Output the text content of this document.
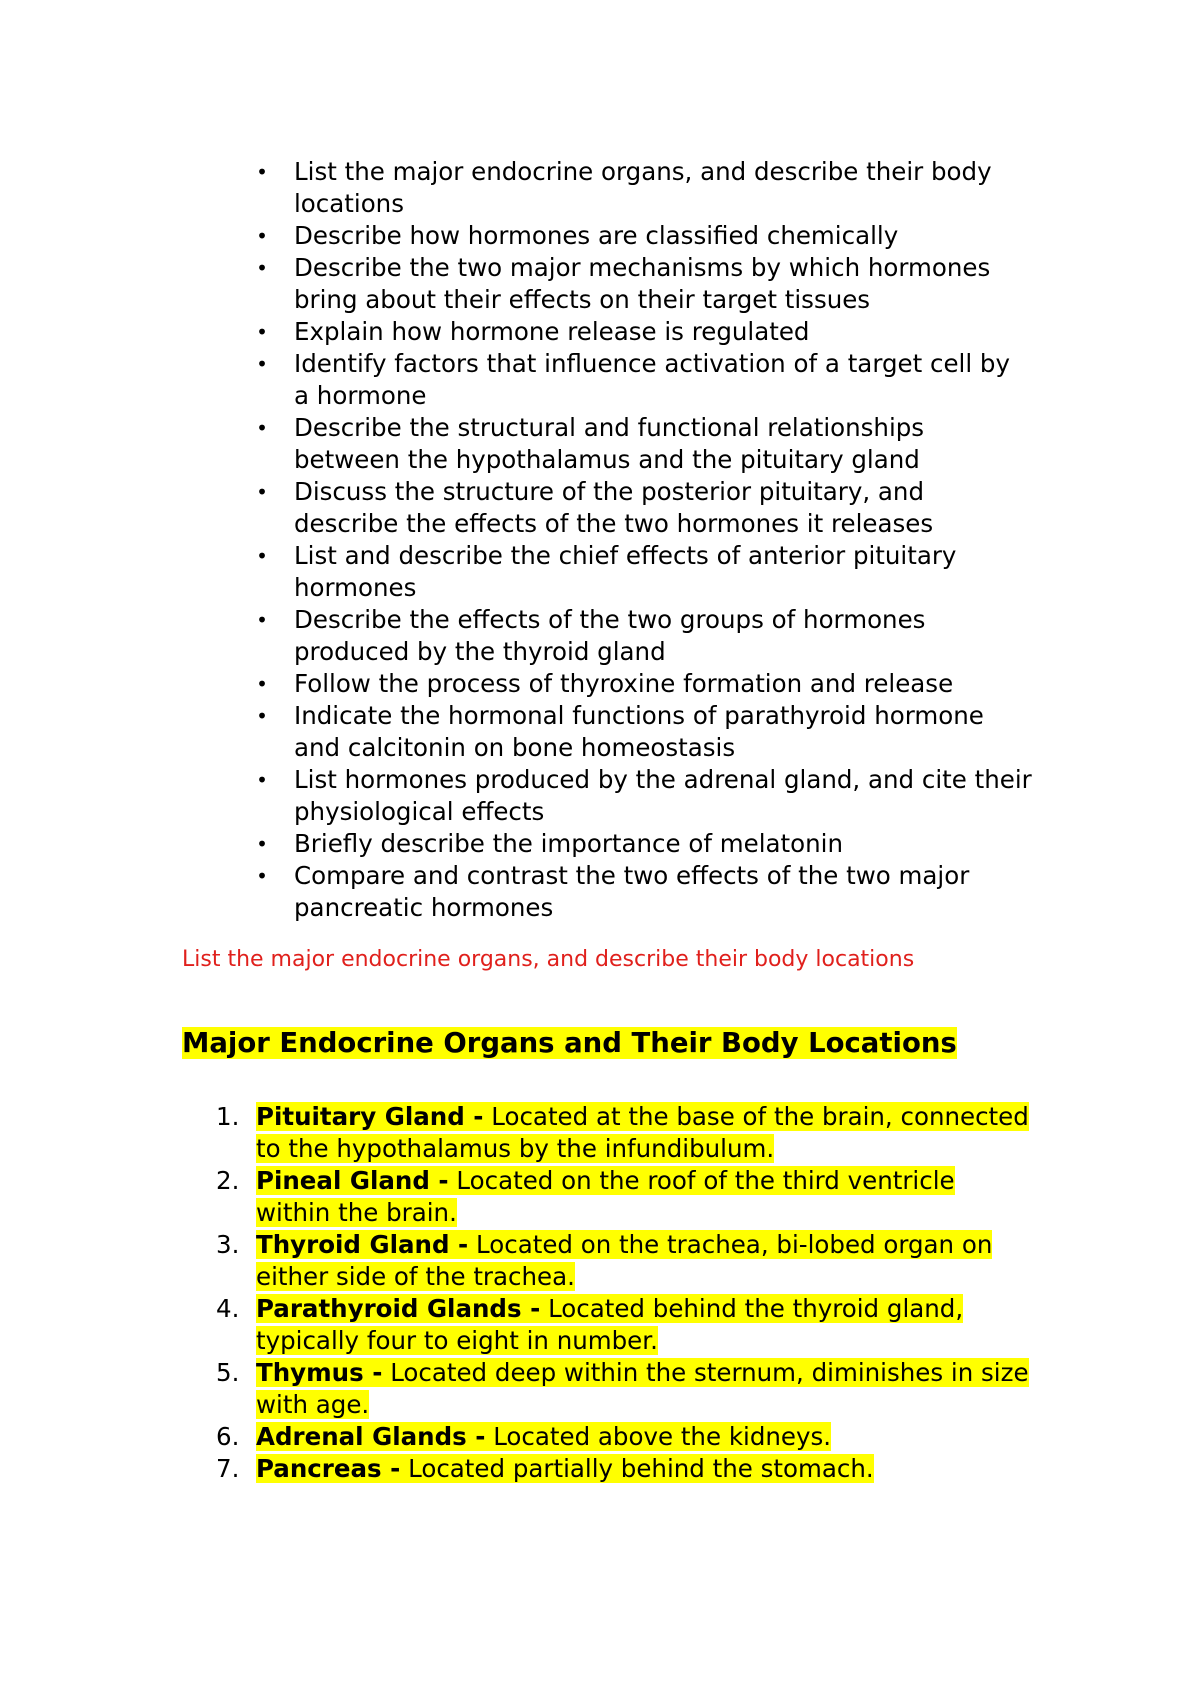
• List the major endocrine organs, and describe their body locations
• Describe how hormones are classified chemically
• Describe the two major mechanisms by which hormones bring about their effects on their target tissues
• Explain how hormone release is regulated
• Identify factors that influence activation of a target cell by a hormone
• Describe the structural and functional relationships between the hypothalamus and the pituitary gland
• Discuss the structure of the posterior pituitary, and describe the effects of the two hormones it releases
• List and describe the chief effects of anterior pituitary hormones
• Describe the effects of the two groups of hormones produced by the thyroid gland
• Follow the process of thyroxine formation and release
• Indicate the hormonal functions of parathyroid hormone and calcitonin on bone homeostasis
• List hormones produced by the adrenal gland, and cite their physiological effects
• Briefly describe the importance of melatonin
• Compare and contrast the two effects of the two major pancreatic hormones

List the major endocrine organs, and describe their body locations

Major Endocrine Organs and Their Body Locations
1. Pituitary Gland - Located at the base of the brain, connected to the hypothalamus by the infundibulum.
2. Pineal Gland - Located on the roof of the third ventricle within the brain.
3. Thyroid Gland - Located on the trachea, bi-lobed organ on either side of the trachea.
4. Parathyroid Glands - Located behind the thyroid gland, typically four to eight in number.
5. Thymus - Located deep within the sternum, diminishes in size with age.
6. Adrenal Glands - Located above the kidneys.
7. Pancreas - Located partially behind the stomach.
